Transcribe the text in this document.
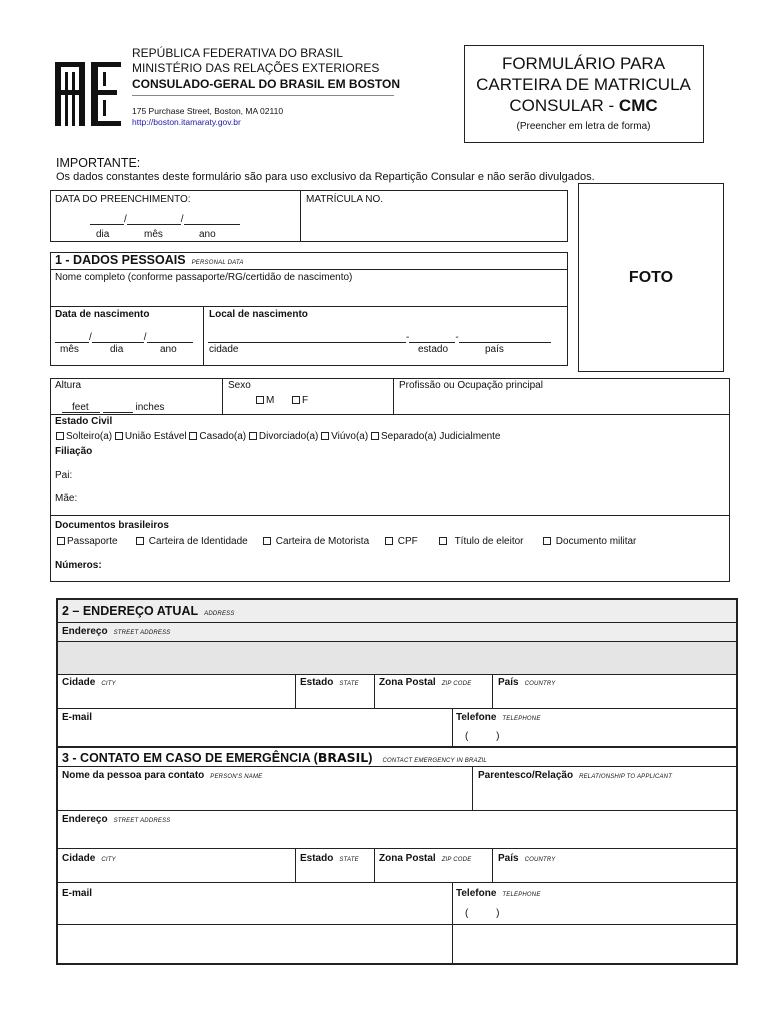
REPÚBLICA FEDERATIVA DO BRASIL
MINISTÉRIO DAS RELAÇÕES EXTERIORES
CONSULADO-GERAL DO BRASIL EM BOSTON
175 Purchase Street, Boston, MA 02110
http://boston.itamaraty.gov.br
FORMULÁRIO PARA
CARTEIRA DE MATRICULA
CONSULAR - CMC
(Preencher em letra de forma)
IMPORTANTE:
Os dados constantes deste formulário são para uso exclusivo da Repartição Consular e não serão divulgados.
DATA DO PREENCHIMENTO:
/	/
dia	mês	ano
MATRÍCULA NO.
FOTO
1 - DADOS PESSOAIS PERSONAL DATA
Nome completo (conforme passaporte/RG/certidão de nascimento)
Data de nascimento
/	/
mês	dia	ano
Local de nascimento
-	-
cidade	estado	país
Altura
feet	inches
Sexo
M	F
Profissão ou Ocupação principal
Estado Civil
Solteiro(a) União Estável Casado(a) Divorciado(a) Viúvo(a) Separado(a) Judicialmente
Filiação
Pai:
Mãe:
Documentos brasileiros
Passaporte	Carteira de Identidade	Carteira de Motorista	CPF	Título de eleitor	Documento militar
Números:
2 – ENDEREÇO ATUAL ADDRESS
Endereço STREET ADDRESS
Cidade CITY	Estado STATE Zona Postal ZIP CODE	País COUNTRY
E-mail	Telefone TELEPHONE
(          )
3 - CONTATO EM CASO DE EMERGÊNCIA (BRASIL) CONTACT EMERGENCY IN BRAZIL
Nome da pessoa para contato PERSON'S NAME	Parentesco/Relação RELATIONSHIP TO APPLICANT
Endereço STREET ADDRESS
Cidade CITY	Estado STATE Zona Postal ZIP CODE	País COUNTRY
E-mail	Telefone TELEPHONE
(          )
